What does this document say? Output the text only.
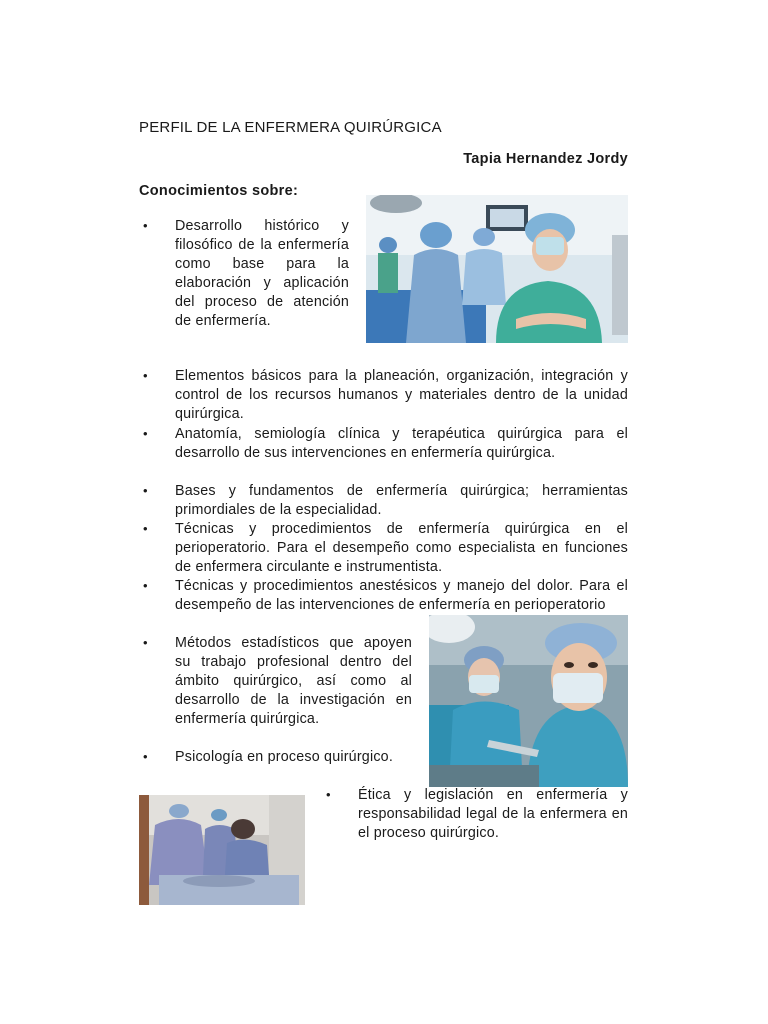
PERFIL DE LA ENFERMERA QUIRÚRGICA
Tapia Hernandez Jordy
Conocimientos sobre:
• Desarrollo histórico y filosófico de la enfermería como base para la elaboración y aplicación del proceso de atención de enfermería.
• Elementos básicos para la planeación, organización, integración y control de los recursos humanos y materiales dentro de la unidad quirúrgica.
• Anatomía, semiología clínica y terapéutica quirúrgica para el desarrollo de sus intervenciones en enfermería quirúrgica.
• Bases y fundamentos de enfermería quirúrgica; herramientas primordiales de la especialidad.
• Técnicas y procedimientos de enfermería quirúrgica en el perioperatorio. Para el desempeño como especialista en funciones de enfermera circulante e instrumentista.
• Técnicas y procedimientos anestésicos y manejo del dolor. Para el desempeño de las intervenciones de enfermería en perioperatorio
• Métodos estadísticos que apoyen su trabajo profesional dentro del ámbito quirúrgico, así como al desarrollo de la investigación en enfermería quirúrgica.
• Psicología en proceso quirúrgico.
• Ética y legislación en enfermería y responsabilidad legal de la enfermera en el proceso quirúrgico.
